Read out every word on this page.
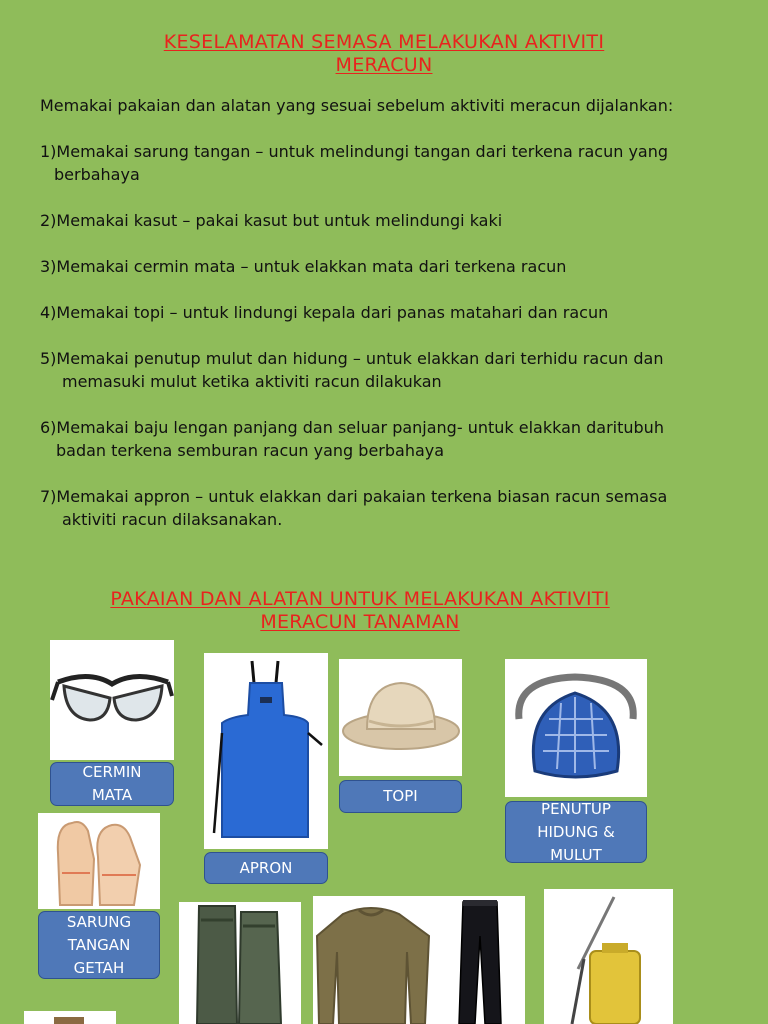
KESELAMATAN SEMASA MELAKUKAN AKTIVITI
MERACUN
Memakai pakaian dan alatan yang sesuai sebelum aktiviti meracun dijalankan:
1)Memakai sarung tangan – untuk melindungi tangan dari terkena racun yang
berbahaya
2)Memakai kasut – pakai kasut but untuk melindungi kaki
3)Memakai cermin mata – untuk elakkan mata dari terkena racun
4)Memakai topi – untuk lindungi kepala dari panas matahari dan racun
5)Memakai penutup mulut dan hidung – untuk elakkan dari terhidu racun dan
memasuki mulut ketika aktiviti racun dilakukan
6)Memakai baju lengan panjang dan seluar panjang- untuk elakkan daritubuh
badan terkena semburan racun yang berbahaya
7)Memakai appron – untuk elakkan dari pakaian terkena biasan racun semasa
aktiviti racun dilaksanakan.
PAKAIAN DAN ALATAN UNTUK MELAKUKAN AKTIVITI
MERACUN TANAMAN
CERMIN
MATA
APRON
TOPI
PENUTUP
HIDUNG &
MULUT
SARUNG
TANGAN
GETAH
